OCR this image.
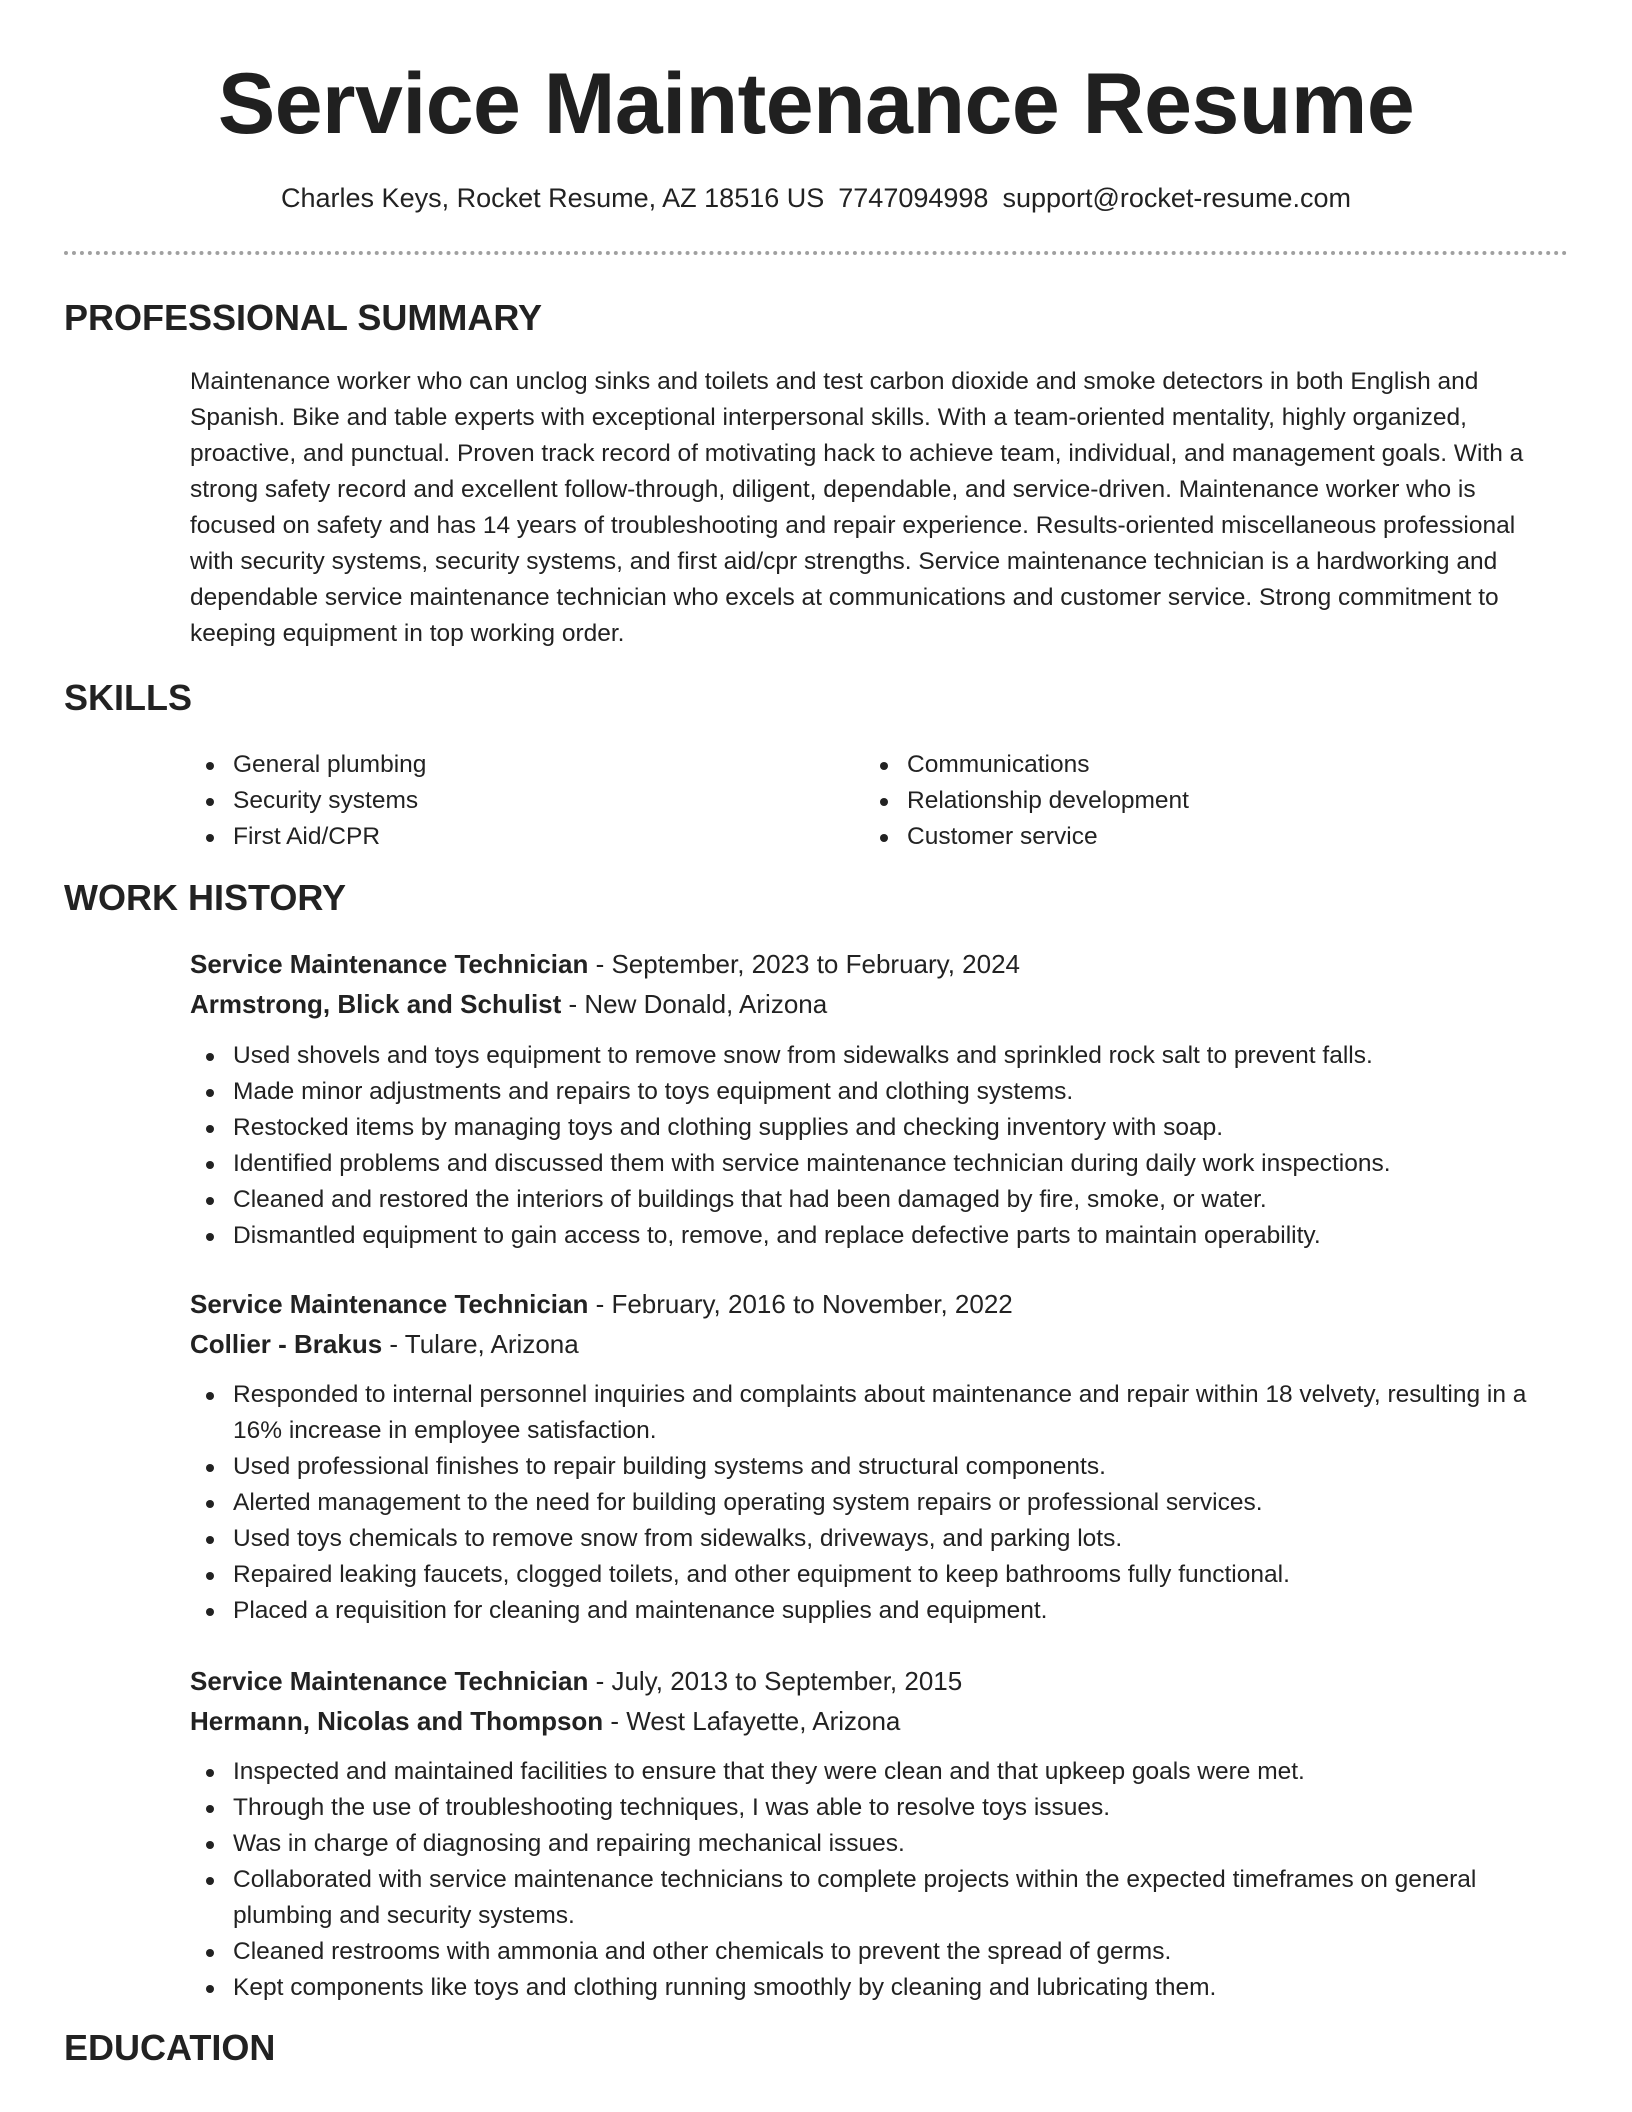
Service Maintenance Resume
Charles Keys, Rocket Resume, AZ 18516 US 7747094998 support@rocket-resume.com
PROFESSIONAL SUMMARY
Maintenance worker who can unclog sinks and toilets and test carbon dioxide and smoke detectors in both English and Spanish. Bike and table experts with exceptional interpersonal skills. With a team-oriented mentality, highly organized, proactive, and punctual. Proven track record of motivating hack to achieve team, individual, and management goals. With a strong safety record and excellent follow-through, diligent, dependable, and service-driven. Maintenance worker who is focused on safety and has 14 years of troubleshooting and repair experience. Results-oriented miscellaneous professional with security systems, security systems, and first aid/cpr strengths. Service maintenance technician is a hardworking and dependable service maintenance technician who excels at communications and customer service. Strong commitment to keeping equipment in top working order.
SKILLS
General plumbing
Security systems
First Aid/CPR
Communications
Relationship development
Customer service
WORK HISTORY
Service Maintenance Technician - September, 2023 to February, 2024
Armstrong, Blick and Schulist - New Donald, Arizona
Used shovels and toys equipment to remove snow from sidewalks and sprinkled rock salt to prevent falls.
Made minor adjustments and repairs to toys equipment and clothing systems.
Restocked items by managing toys and clothing supplies and checking inventory with soap.
Identified problems and discussed them with service maintenance technician during daily work inspections.
Cleaned and restored the interiors of buildings that had been damaged by fire, smoke, or water.
Dismantled equipment to gain access to, remove, and replace defective parts to maintain operability.
Service Maintenance Technician - February, 2016 to November, 2022
Collier - Brakus - Tulare, Arizona
Responded to internal personnel inquiries and complaints about maintenance and repair within 18 velvety, resulting in a 16% increase in employee satisfaction.
Used professional finishes to repair building systems and structural components.
Alerted management to the need for building operating system repairs or professional services.
Used toys chemicals to remove snow from sidewalks, driveways, and parking lots.
Repaired leaking faucets, clogged toilets, and other equipment to keep bathrooms fully functional.
Placed a requisition for cleaning and maintenance supplies and equipment.
Service Maintenance Technician - July, 2013 to September, 2015
Hermann, Nicolas and Thompson - West Lafayette, Arizona
Inspected and maintained facilities to ensure that they were clean and that upkeep goals were met.
Through the use of troubleshooting techniques, I was able to resolve toys issues.
Was in charge of diagnosing and repairing mechanical issues.
Collaborated with service maintenance technicians to complete projects within the expected timeframes on general plumbing and security systems.
Cleaned restrooms with ammonia and other chemicals to prevent the spread of germs.
Kept components like toys and clothing running smoothly by cleaning and lubricating them.
EDUCATION
